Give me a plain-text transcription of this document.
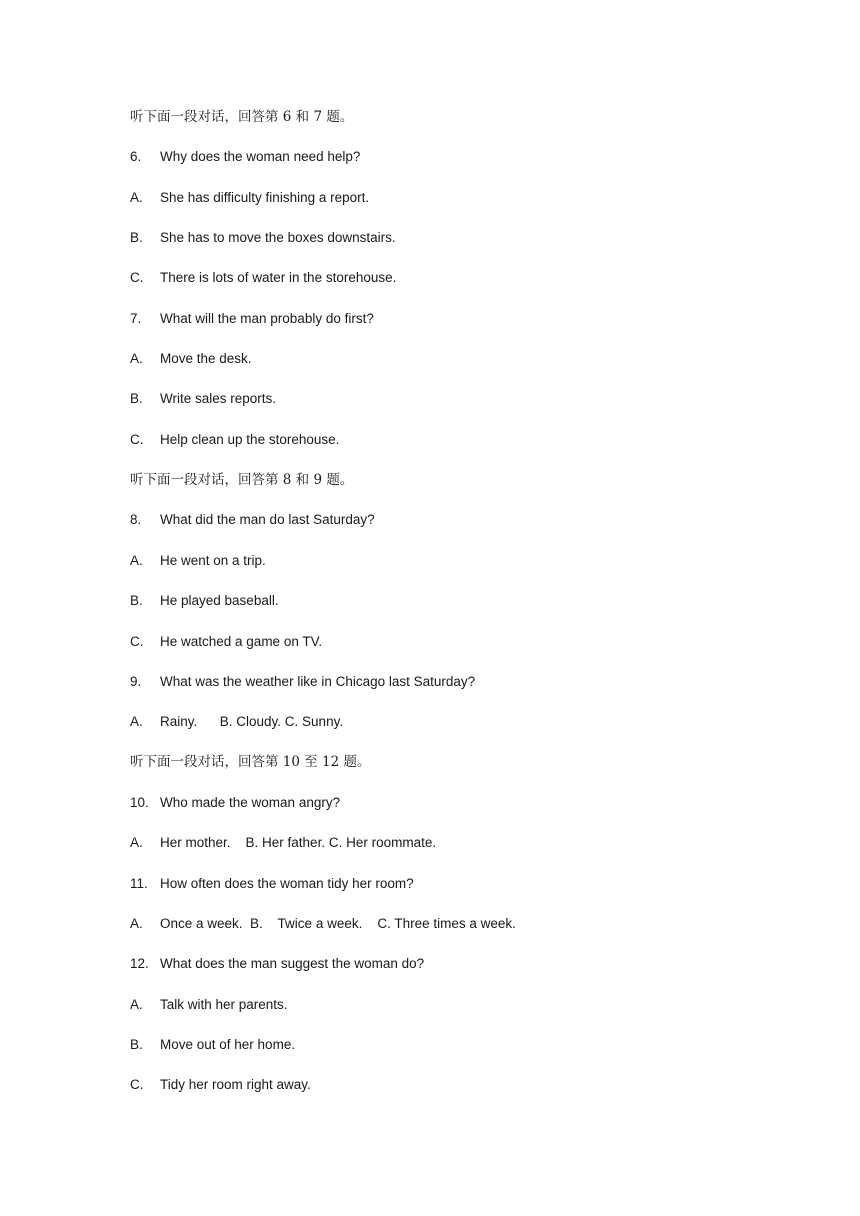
听下面一段对话，回答第 6 和 7 题。
6. Why does the woman need help?
A. She has difficulty finishing a report.
B. She has to move the boxes downstairs.
C. There is lots of water in the storehouse.
7. What will the man probably do first?
A. Move the desk.
B. Write sales reports.
C. Help clean up the storehouse.
听下面一段对话，回答第 8 和 9 题。
8. What did the man do last Saturday?
A. He went on a trip.
B. He played baseball.
C. He watched a game on TV.
9. What was the weather like in Chicago last Saturday?
A. Rainy.      B. Cloudy. C. Sunny.
听下面一段对话，回答第 10 至 12 题。
10. Who made the woman angry?
A. Her mother.    B. Her father. C. Her roommate.
11. How often does the woman tidy her room?
A. Once a week.  B.    Twice a week.    C. Three times a week.
12. What does the man suggest the woman do?
A. Talk with her parents.
B. Move out of her home.
C. Tidy her room right away.
